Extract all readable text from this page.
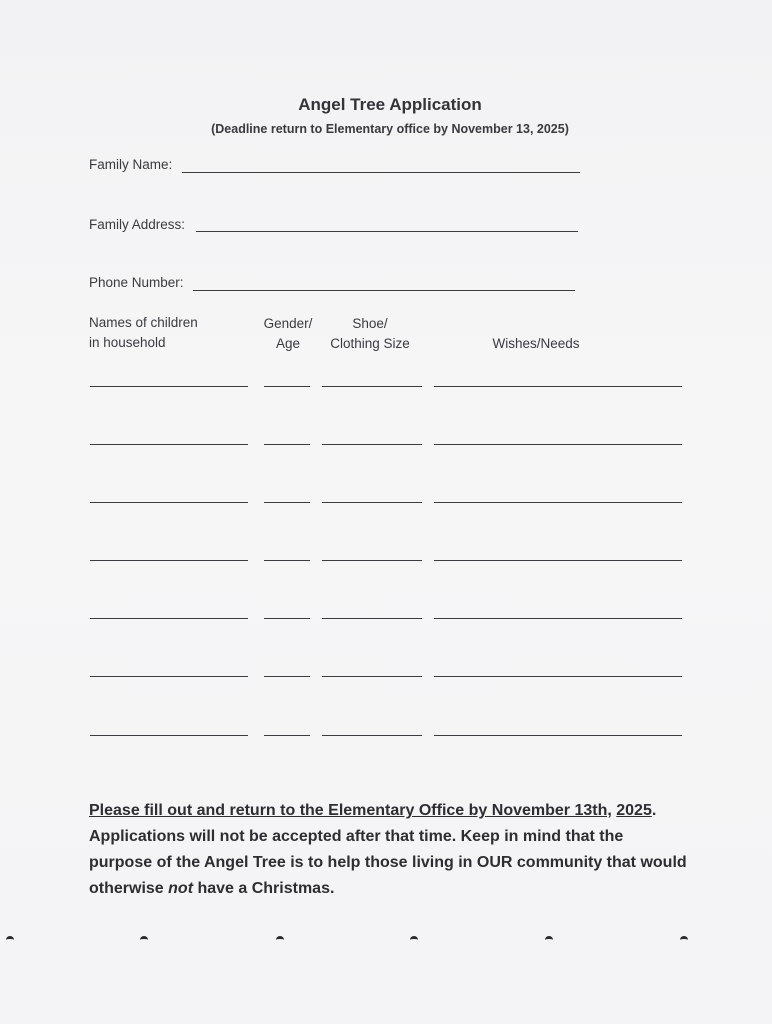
Angel Tree Application
(Deadline return to Elementary office by November 13, 2025)
Family Name:
Family Address:
Phone Number:
Names of children
in household
Gender/
Age
Shoe/
Clothing Size	Wishes/Needs
Please fill out and return to the Elementary Office by November 13th, 2025. Applications will not be accepted after that time. Keep in mind that the purpose of the Angel Tree is to help those living in OUR community that would otherwise not have a Christmas.
